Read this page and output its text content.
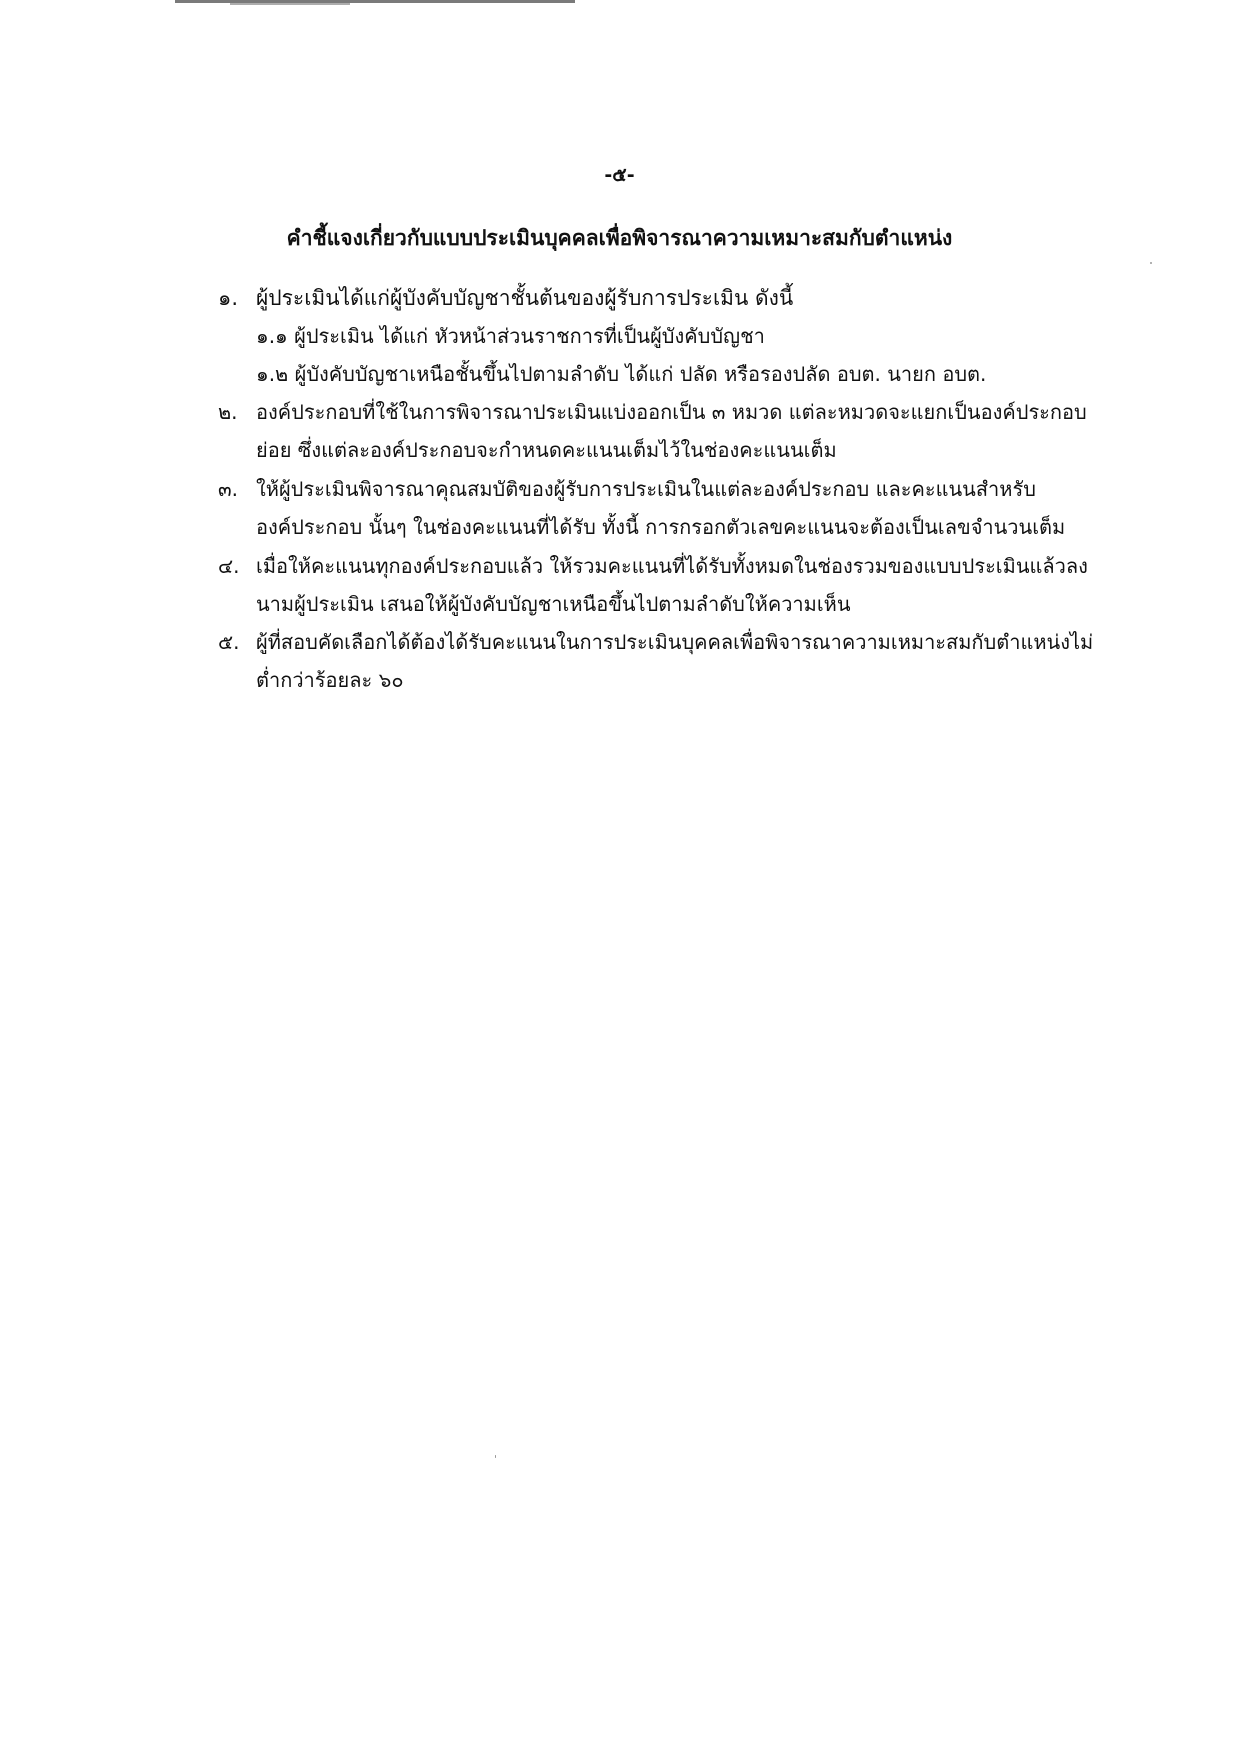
-๕-
คำชี้แจงเกี่ยวกับแบบประเมินบุคคลเพื่อพิจารณาความเหมาะสมกับตำแหน่ง
๑. ผู้ประเมินได้แก่ผู้บังคับบัญชาชั้นต้นของผู้รับการประเมิน ดังนี้
๑.๑ ผู้ประเมิน ได้แก่ หัวหน้าส่วนราชการที่เป็นผู้บังคับบัญชา
๑.๒ ผู้บังคับบัญชาเหนือชั้นขึ้นไปตามลำดับ ได้แก่ ปลัด หรือรองปลัด อบต. นายก อบต.
๒. องค์ประกอบที่ใช้ในการพิจารณาประเมินแบ่งออกเป็น ๓ หมวด แต่ละหมวดจะแยกเป็นองค์ประกอบ
ย่อย ซึ่งแต่ละองค์ประกอบจะกำหนดคะแนนเต็มไว้ในช่องคะแนนเต็ม
๓. ให้ผู้ประเมินพิจารณาคุณสมบัติของผู้รับการประเมินในแต่ละองค์ประกอบ และคะแนนสำหรับ
องค์ประกอบ นั้นๆ ในช่องคะแนนที่ได้รับ ทั้งนี้ การกรอกตัวเลขคะแนนจะต้องเป็นเลขจำนวนเต็ม
๔. เมื่อให้คะแนนทุกองค์ประกอบแล้ว ให้รวมคะแนนที่ได้รับทั้งหมดในช่องรวมของแบบประเมินแล้วลง
นามผู้ประเมิน เสนอให้ผู้บังคับบัญชาเหนือขึ้นไปตามลำดับให้ความเห็น
๕. ผู้ที่สอบคัดเลือกได้ต้องได้รับคะแนนในการประเมินบุคคลเพื่อพิจารณาความเหมาะสมกับตำแหน่งไม่
ต่ำกว่าร้อยละ ๖๐
